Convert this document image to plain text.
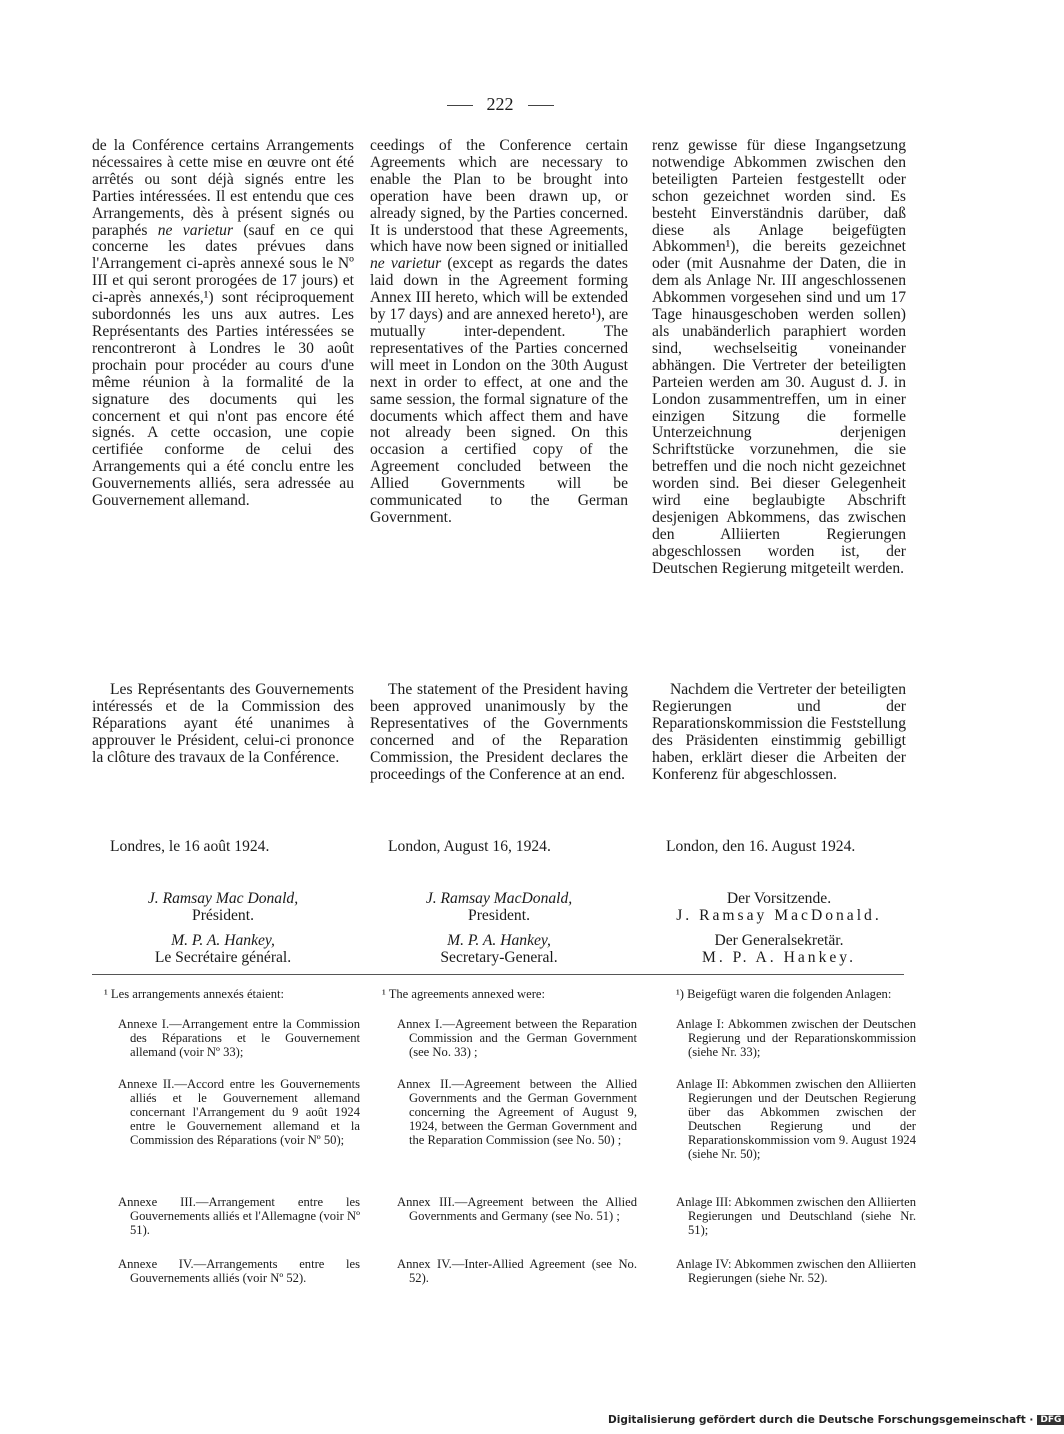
222

de la Conférence certains Arrangements nécessaires à cette mise en œuvre ont été arrêtés ou sont déjà signés entre les Parties intéressées. Il est entendu que ces Arrangements, dès à présent signés ou paraphés ne varietur (sauf en ce qui concerne les dates prévues dans l'Arrangement ci-après annexé sous le Nº III et qui seront prorogées de 17 jours) et ci-après annexés,¹) sont réciproquement subordonnés les uns aux autres. Les Représentants des Parties intéressées se rencontreront à Londres le 30 août prochain pour procéder au cours d'une même réunion à la formalité de la signature des documents qui les concernent et qui n'ont pas encore été signés. A cette occasion, une copie certifiée conforme de celui des Arrangements qui a été conclu entre les Gouvernements alliés, sera adressée au Gouvernement allemand.

Les Représentants des Gouvernements intéressés et de la Commission des Réparations ayant été unanimes à approuver le Président, celui-ci prononce la clôture des travaux de la Conférence.

Londres, le 16 août 1924.

J. Ramsay Mac Donald,
Président.
M. P. A. Hankey,
Le Secrétaire général.

ceedings of the Conference certain Agreements which are necessary to enable the Plan to be brought into operation have been drawn up, or already signed, by the Parties concerned. It is understood that these Agreements, which have now been signed or initialled ne varietur (except as regards the dates laid down in the Agreement forming Annex III hereto, which will be extended by 17 days) and are annexed hereto¹), are mutually inter-dependent. The representatives of the Parties concerned will meet in London on the 30th August next in order to effect, at one and the same session, the formal signature of the documents which affect them and have not already been signed. On this occasion a certified copy of the Agreement concluded between the Allied Governments will be communicated to the German Government.

The statement of the President having been approved unanimously by the Representatives of the Governments concerned and of the Reparation Commission, the President declares the proceedings of the Conference at an end.

London, August 16, 1924.

J. Ramsay MacDonald,
President.
M. P. A. Hankey,
Secretary-General.

renz gewisse für diese Ingangsetzung notwendige Abkommen zwischen den beteiligten Parteien festgestellt oder schon gezeichnet worden sind. Es besteht Einverständnis darüber, daß diese als Anlage beigefügten Abkommen¹), die bereits gezeichnet oder (mit Ausnahme der Daten, die in dem als Anlage Nr. III angeschlossenen Abkommen vorgesehen sind und um 17 Tage hinausgeschoben werden sollen) als unabänderlich paraphiert worden sind, wechselseitig voneinander abhängen. Die Vertreter der beteiligten Parteien werden am 30. August d. J. in London zusammentreffen, um in einer einzigen Sitzung die formelle Unterzeichnung derjenigen Schriftstücke vorzunehmen, die sie betreffen und die noch nicht gezeichnet worden sind. Bei dieser Gelegenheit wird eine beglaubigte Abschrift desjenigen Abkommens, das zwischen den Alliierten Regierungen abgeschlossen worden ist, der Deutschen Regierung mitgeteilt werden.

Nachdem die Vertreter der beteiligten Regierungen und der Reparationskommission die Feststellung des Präsidenten einstimmig gebilligt haben, erklärt dieser die Arbeiten der Konferenz für abgeschlossen.

London, den 16. August 1924.

Der Vorsitzende.
J. Ramsay MacDonald.
Der Generalsekretär.
M. P. A. Hankey.

¹ Les arrangements annexés étaient:

Annexe I.—Arrangement entre la Commission des Réparations et le Gouvernement allemand (voir Nº 33);

Annexe II.—Accord entre les Gouvernements alliés et le Gouvernement allemand concernant l'Arrangement du 9 août 1924 entre le Gouvernement allemand et la Commission des Réparations (voir Nº 50);

Annexe III.—Arrangement entre les Gouvernements alliés et l'Allemagne (voir Nº 51).

Annexe IV.—Arrangements entre les Gouvernements alliés (voir Nº 52).

¹ The agreements annexed were:

Annex I.—Agreement between the Reparation Commission and the German Government (see No. 33) ;

Annex II.—Agreement between the Allied Governments and the German Government concerning the Agreement of August 9, 1924, between the German Government and the Reparation Commission (see No. 50) ;

Annex III.—Agreement between the Allied Governments and Germany (see No. 51) ;

Annex IV.—Inter-Allied Agreement (see No. 52).

¹) Beigefügt waren die folgenden Anlagen:

Anlage I: Abkommen zwischen der Deutschen Regierung und der Reparationskommission (siehe Nr. 33);

Anlage II: Abkommen zwischen den Alliierten Regierungen und der Deutschen Regierung über das Abkommen zwischen der Deutschen Regierung und der Reparationskommission vom 9. August 1924 (siehe Nr. 50);

Anlage III: Abkommen zwischen den Alliierten Regierungen und Deutschland (siehe Nr. 51);

Anlage IV: Abkommen zwischen den Alliierten Regierungen (siehe Nr. 52).

Digitalisierung gefördert durch die Deutsche Forschungsgemeinschaft · DFG
